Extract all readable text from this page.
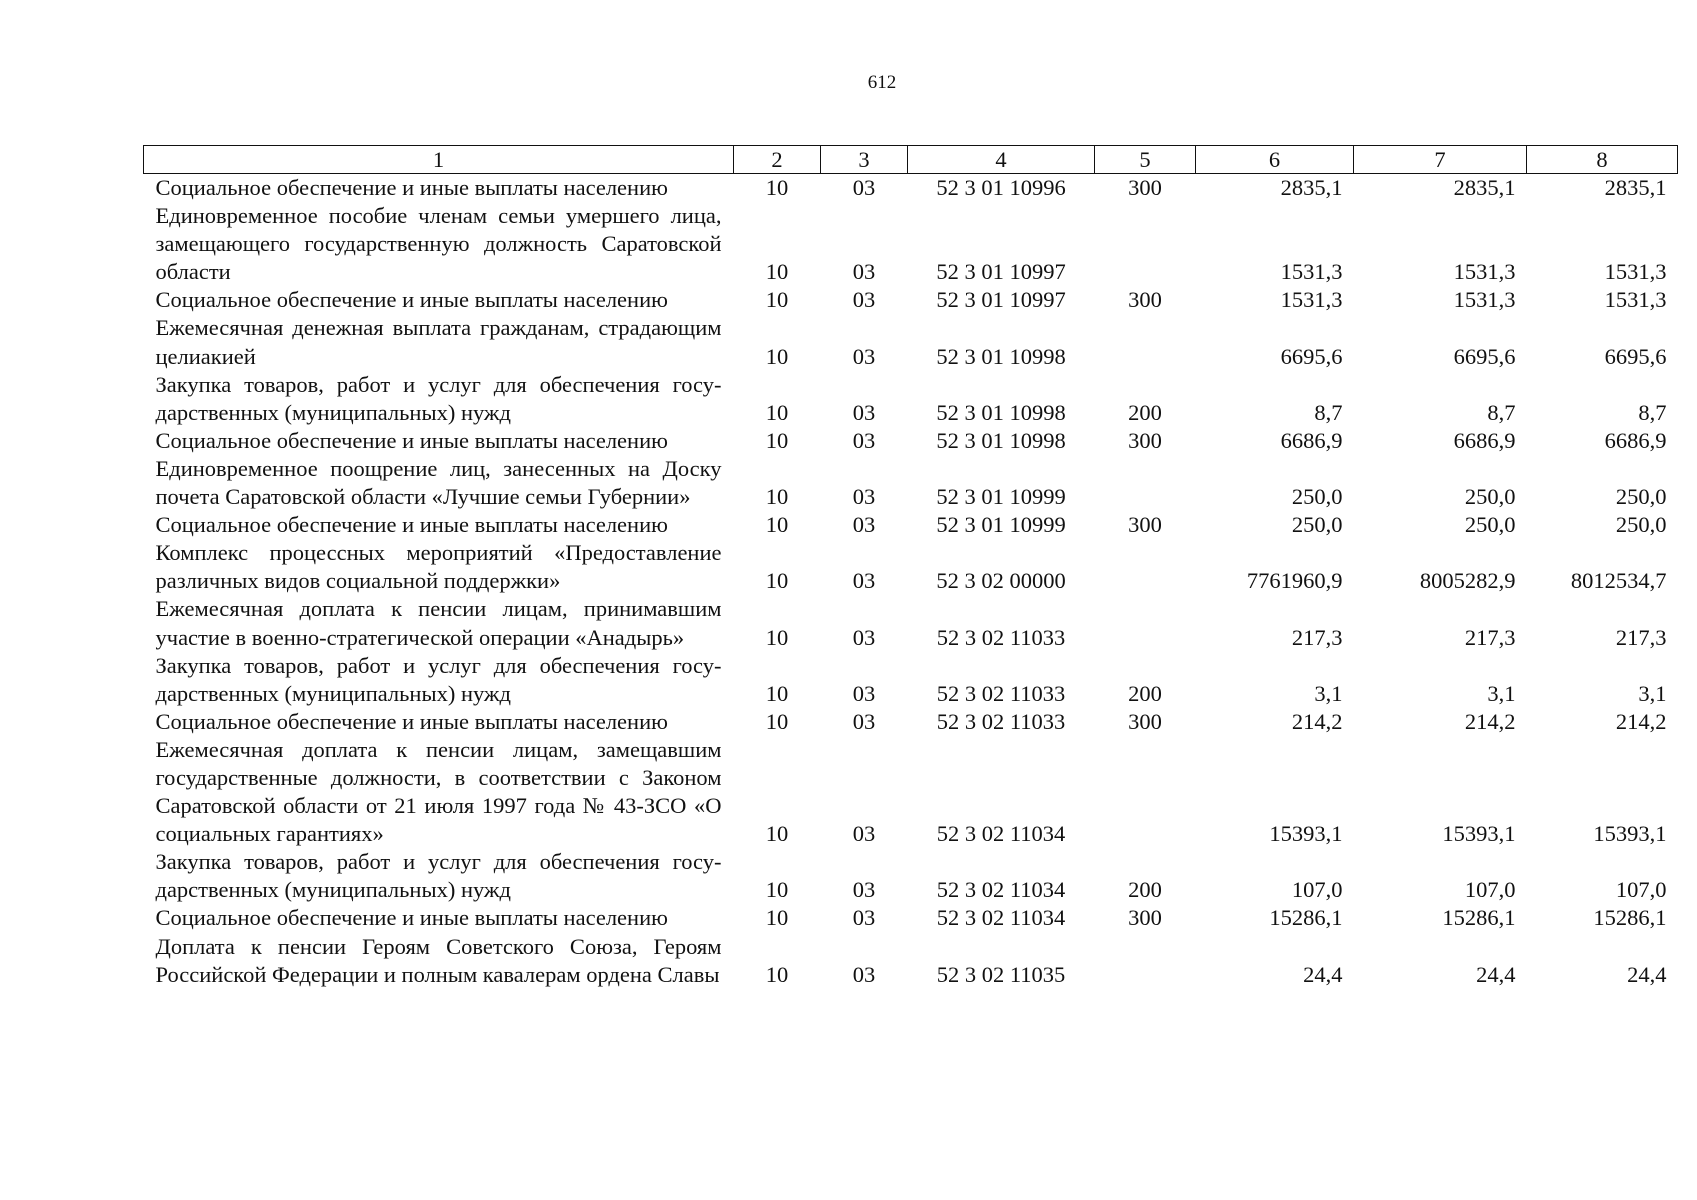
612
1	2	3	4	5	6	7	8
Социальное обеспечение и иные выплаты населению	10	03	52 3 01 10996	300	2835,1	2835,1	2835,1
Единовременное пособие членам семьи умершего лица, замещающего государственную должность Саратовской области	10	03	52 3 01 10997		1531,3	1531,3	1531,3
Социальное обеспечение и иные выплаты населению	10	03	52 3 01 10997	300	1531,3	1531,3	1531,3
Ежемесячная денежная выплата гражданам, страдающим целиакией	10	03	52 3 01 10998		6695,6	6695,6	6695,6
Закупка товаров, работ и услуг для обеспечения государственных (муниципальных) нужд	10	03	52 3 01 10998	200	8,7	8,7	8,7
Социальное обеспечение и иные выплаты населению	10	03	52 3 01 10998	300	6686,9	6686,9	6686,9
Единовременное поощрение лиц, занесенных на Доску почета Саратовской области «Лучшие семьи Губернии»	10	03	52 3 01 10999		250,0	250,0	250,0
Социальное обеспечение и иные выплаты населению	10	03	52 3 01 10999	300	250,0	250,0	250,0
Комплекс процессных мероприятий «Предоставление различных видов социальной поддержки»	10	03	52 3 02 00000		7761960,9	8005282,9	8012534,7
Ежемесячная доплата к пенсии лицам, принимавшим участие в военно-стратегической операции «Анадырь»	10	03	52 3 02 11033		217,3	217,3	217,3
Закупка товаров, работ и услуг для обеспечения государственных (муниципальных) нужд	10	03	52 3 02 11033	200	3,1	3,1	3,1
Социальное обеспечение и иные выплаты населению	10	03	52 3 02 11033	300	214,2	214,2	214,2
Ежемесячная доплата к пенсии лицам, замещавшим государственные должности, в соответствии с Законом Саратовской области от 21 июля 1997 года № 43-ЗСО «О социальных гарантиях»	10	03	52 3 02 11034		15393,1	15393,1	15393,1
Закупка товаров, работ и услуг для обеспечения государственных (муниципальных) нужд	10	03	52 3 02 11034	200	107,0	107,0	107,0
Социальное обеспечение и иные выплаты населению	10	03	52 3 02 11034	300	15286,1	15286,1	15286,1
Доплата к пенсии Героям Советского Союза, Героям Российской Федерации и полным кавалерам ордена Славы	10	03	52 3 02 11035		24,4	24,4	24,4
